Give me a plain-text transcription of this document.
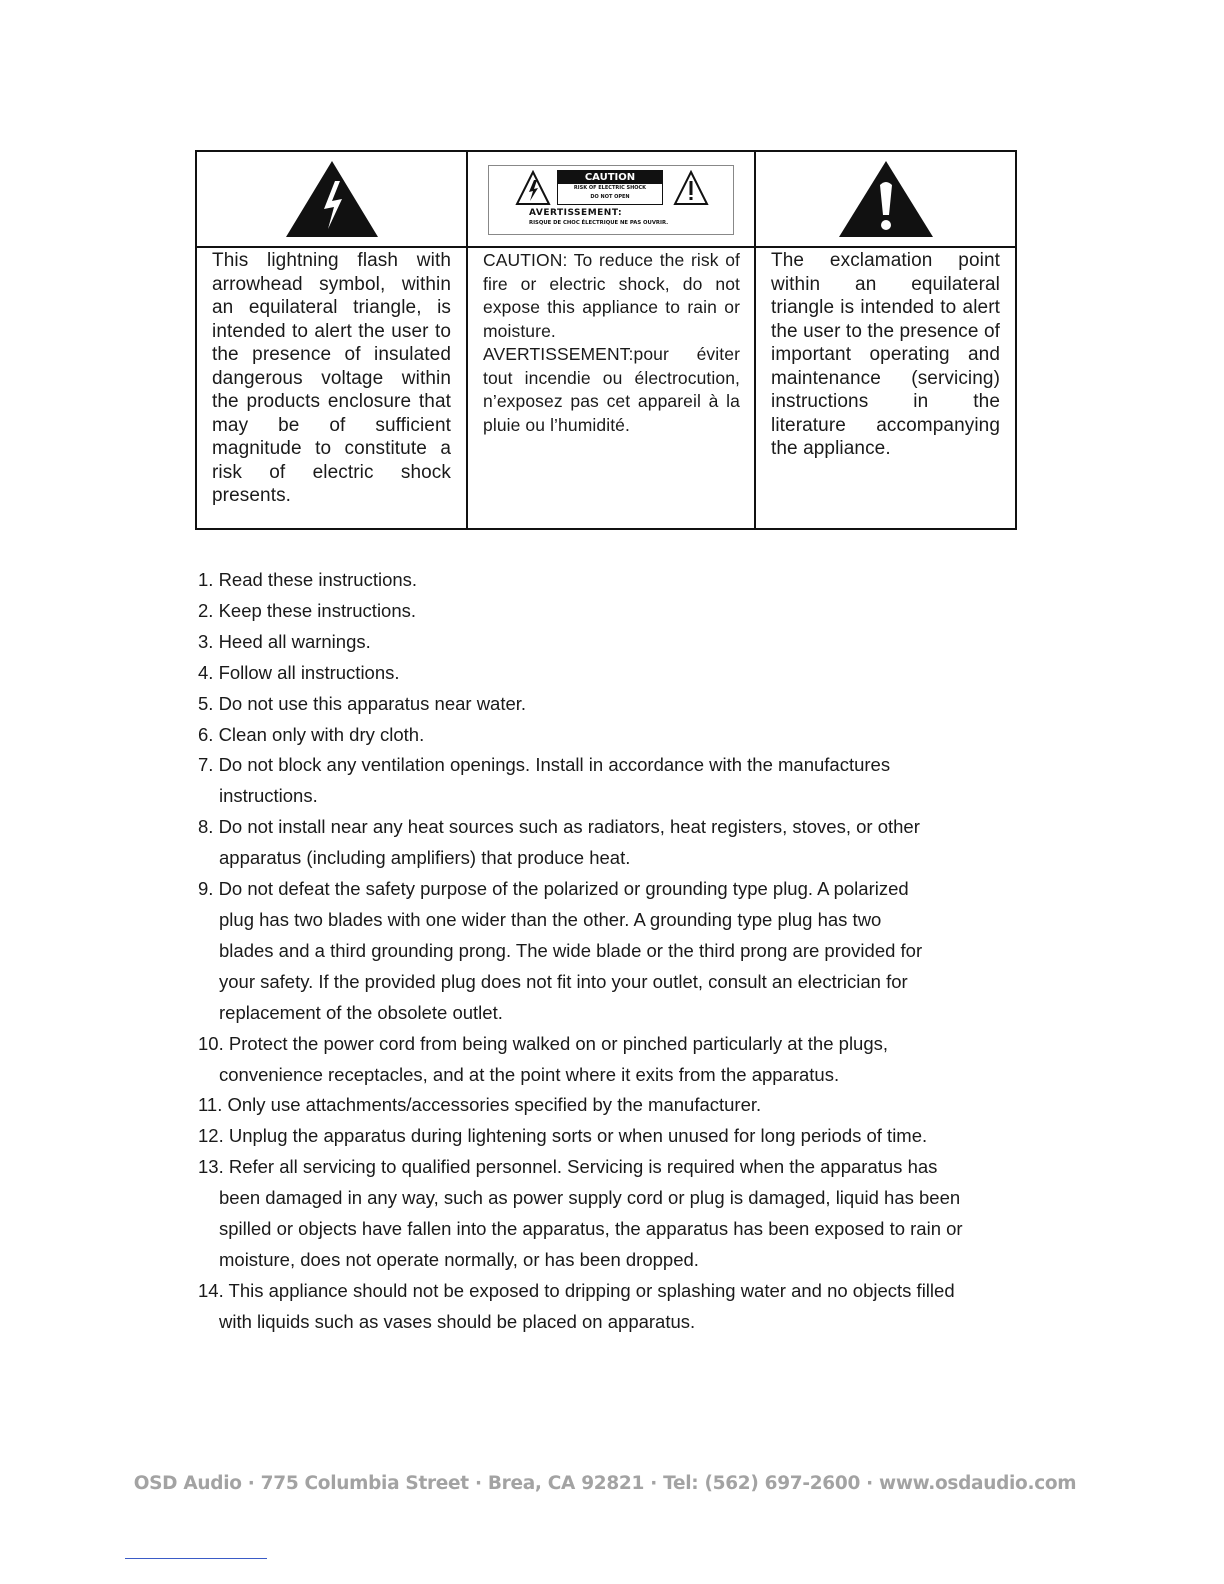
CAUTION
RISK OF ELECTRIC SHOCK
DO NOT OPEN
AVERTISSEMENT:
RISQUE DE CHOC ÉLECTRIQUE NE PAS OUVRIR.
This lightning flash with arrowhead symbol, within an equilateral triangle, is intended to alert the user to the presence of insulated dangerous voltage within the products enclosure that may be of sufficient magnitude to constitute a risk of electric shock presents.
CAUTION: To reduce the risk of fire or electric shock, do not expose this appliance to rain or moisture.
AVERTISSEMENT:pour éviter tout incendie ou électrocution, n’exposez pas cet appareil à la pluie ou l’humidité.
The exclamation point within an equilateral triangle is intended to alert the user to the presence of important operating and maintenance (servicing) instructions in the literature accompanying the appliance.
1. Read these instructions.
2. Keep these instructions.
3. Heed all warnings.
4. Follow all instructions.
5. Do not use this apparatus near water.
6. Clean only with dry cloth.
7. Do not block any ventilation openings. Install in accordance with the manufactures
instructions.
8. Do not install near any heat sources such as radiators, heat registers, stoves, or other
apparatus (including amplifiers) that produce heat.
9. Do not defeat the safety purpose of the polarized or grounding type plug. A polarized
plug has two blades with one wider than the other. A grounding type plug has two
blades and a third grounding prong. The wide blade or the third prong are provided for
your safety. If the provided plug does not fit into your outlet, consult an electrician for
replacement of the obsolete outlet.
10. Protect the power cord from being walked on or pinched particularly at the plugs,
convenience receptacles, and at the point where it exits from the apparatus.
11. Only use attachments/accessories specified by the manufacturer.
12. Unplug the apparatus during lightening sorts or when unused for long periods of time.
13. Refer all servicing to qualified personnel. Servicing is required when the apparatus has
been damaged in any way, such as power supply cord or plug is damaged, liquid has been
spilled or objects have fallen into the apparatus, the apparatus has been exposed to rain or
moisture, does not operate normally, or has been dropped.
14. This appliance should not be exposed to dripping or splashing water and no objects filled
with liquids such as vases should be placed on apparatus.
OSD Audio · 775 Columbia Street · Brea, CA 92821 · Tel: (562) 697-2600 · www.osdaudio.com
